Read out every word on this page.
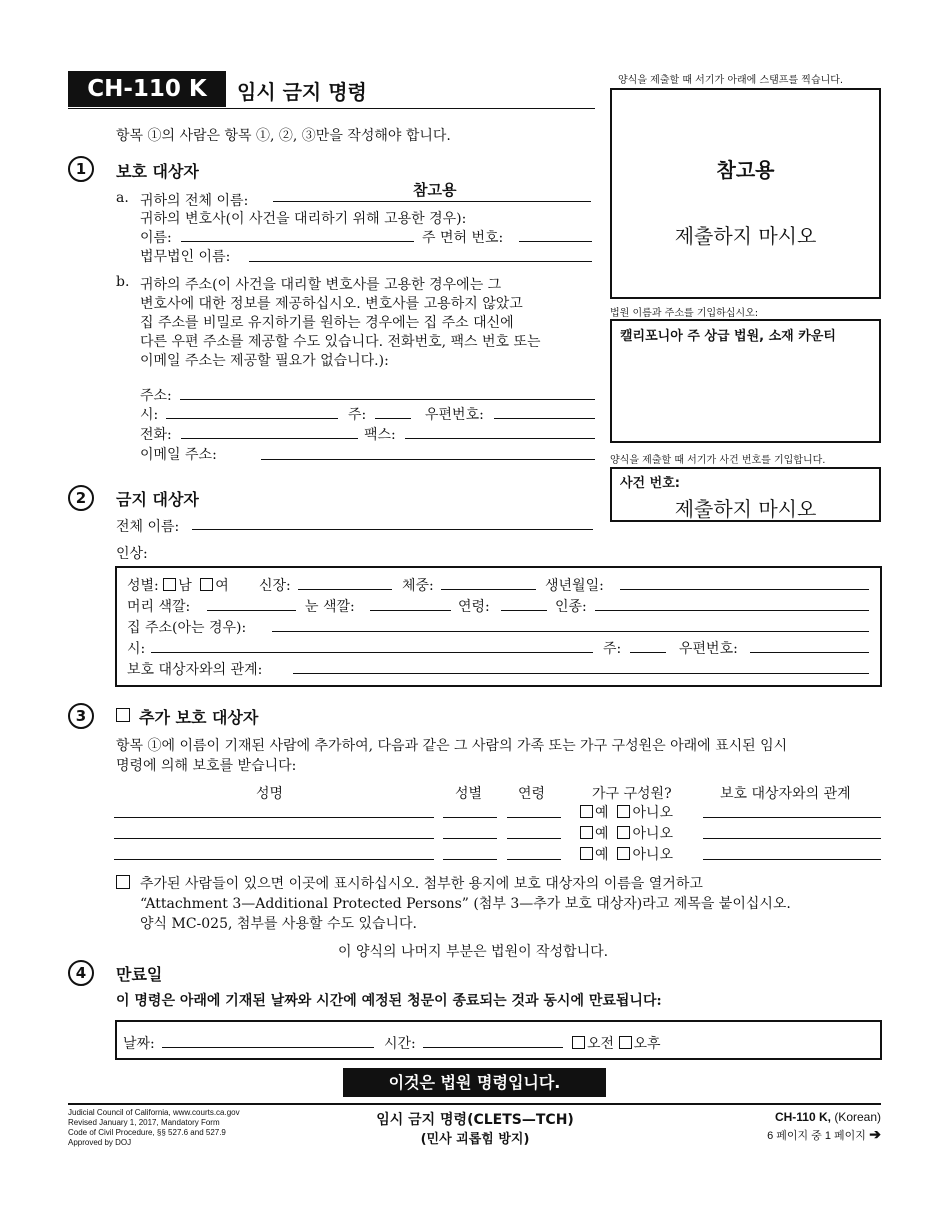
CH-110 K	임시 금지 명령
항목 ①의 사람은 항목 ①, ②, ③만을 작성해야 합니다.
양식을 제출할 때 서기가 아래에 스탬프를 찍습니다.
참고용
제출하지 마시오
법원 이름과 주소를 기입하십시오:
캘리포니아 주 상급 법원, 소재 카운티
양식을 제출할 때 서기가 사건 번호를 기입합니다.
사건 번호:
제출하지 마시오
1	보호 대상자
a. 귀하의 전체 이름:
참고용
귀하의 변호사(이 사건을 대리하기 위해 고용한 경우):
이름:	주 면허 번호:
법무법인 이름:
b. 귀하의 주소(이 사건을 대리할 변호사를 고용한 경우에는 그
변호사에 대한 정보를 제공하십시오. 변호사를 고용하지 않았고
집 주소를 비밀로 유지하기를 원하는 경우에는 집 주소 대신에
다른 우편 주소를 제공할 수도 있습니다. 전화번호, 팩스 번호 또는
이메일 주소는 제공할 필요가 없습니다.):
주소:
시:	주:	우편번호:
전화:	팩스:
이메일 주소:
2	금지 대상자
전체 이름:
인상:
성별: 남 여 신장:	체중:	생년월일:
머리 색깔:	눈 색깔:	연령:	인종:
집 주소(아는 경우):
시:	주:	우편번호:
보호 대상자와의 관계:
3	추가 보호 대상자
항목 ①에 이름이 기재된 사람에 추가하여, 다음과 같은 그 사람의 가족 또는 가구 구성원은 아래에 표시된 임시
명령에 의해 보호를 받습니다:
성명	성별	연령	가구 구성원?	보호 대상자와의 관계
예 아니오
예 아니오
예 아니오
추가된 사람들이 있으면 이곳에 표시하십시오. 첨부한 용지에 보호 대상자의 이름을 열거하고
“Attachment 3—Additional Protected Persons” (첨부 3—추가 보호 대상자)라고 제목을 붙이십시오.
양식 MC-025, 첨부를 사용할 수도 있습니다.
이 양식의 나머지 부분은 법원이 작성합니다.
4	만료일
이 명령은 아래에 기재된 날짜와 시간에 예정된 청문이 종료되는 것과 동시에 만료됩니다:
날짜:	시간:	오전 오후
이것은 법원 명령입니다.
Judicial Council of California, www.courts.ca.gov
Revised January 1, 2017, Mandatory Form
Code of Civil Procedure, §§ 527.6 and 527.9
Approved by DOJ
임시 금지 명령(CLETS—TCH)
(민사 괴롭힘 방지)
CH-110 K, (Korean)
6 페이지 중 1 페이지 ➔
